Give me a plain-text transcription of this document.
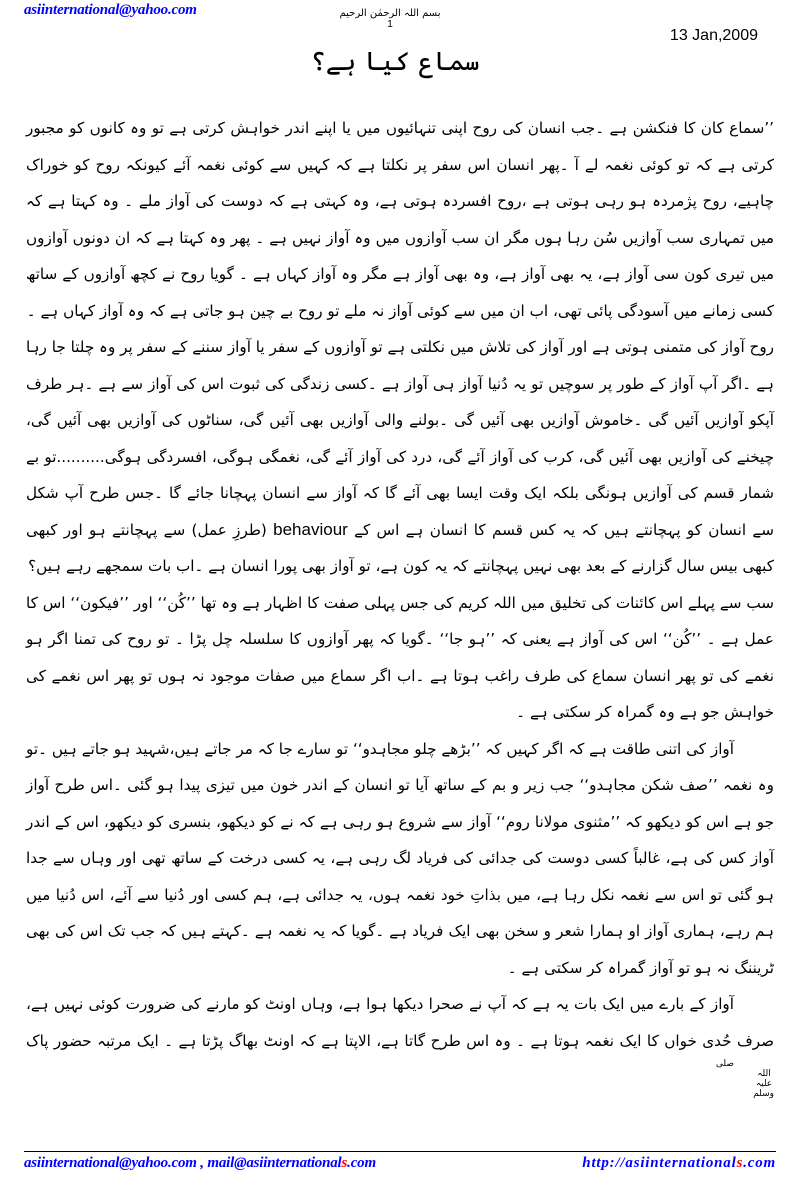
asiinternational@yahoo.com	بسم اللہ الرحمٰن الرحیم
1
13 Jan,2009
سماع کیا ہے؟

’’سماع کان کا فنکشن ہے ۔جب انسان کی روح اپنی تنہائیوں میں یا اپنے اندر خواہش کرتی ہے تو وہ کانوں کو مجبور کرتی ہے کہ تو کوئی نغمہ لے آ ۔پھر انسان اس سفر پر نکلتا ہے کہ کہیں سے کوئی نغمہ آئے کیونکہ روح کو خوراک چاہیے، روح پژمردہ ہو رہی ہوتی ہے ،روح افسردہ ہوتی ہے، وہ کہتی ہے کہ دوست کی آواز ملے ۔ وہ کہتا ہے کہ میں تمہاری سب آوازیں سُن رہا ہوں مگر ان سب آوازوں میں وہ آواز نہیں ہے ۔ پھر وہ کہتا ہے کہ ان دونوں آوازوں میں تیری کون سی آواز ہے، یہ بھی آواز ہے، وہ بھی آواز ہے مگر وہ آواز کہاں ہے ۔ گویا روح نے کچھ آوازوں کے ساتھ کسی زمانے میں آسودگی پائی تھی، اب ان میں سے کوئی آواز نہ ملے تو روح بے چین ہو جاتی ہے کہ وہ آواز کہاں ہے ۔

روح آواز کی متمنی ہوتی ہے اور آواز کی تلاش میں نکلتی ہے تو آوازوں کے سفر یا آواز سننے کے سفر پر وہ چلتا جا رہا ہے ۔اگر آپ آواز کے طور پر سوچیں تو یہ دُنیا آواز ہی آواز ہے ۔کسی زندگی کی ثبوت اس کی آواز سے ہے ۔ہر طرف آپکو آوازیں آئیں گی ۔خاموش آوازیں بھی آئیں گی ۔بولنے والی آوازیں بھی آئیں گی، سناٹوں کی آوازیں بھی آئیں گی، چیخنے کی آوازیں بھی آئیں گی، کرب کی آواز آئے گی، درد کی آواز آئے گی، نغمگی ہوگی، افسردگی ہوگی..........تو بے شمار قسم کی آوازیں ہونگی بلکہ ایک وقت ایسا بھی آئے گا کہ آواز سے انسان پہچانا جائے گا ۔جس طرح آپ شکل سے انسان کو پہچانتے ہیں کہ یہ کس قسم کا انسان ہے اس کے behaviour (طرزِ عمل) سے پہچانتے ہو اور کبھی کبھی بیس سال گزارنے کے بعد بھی نہیں پہچانتے کہ یہ کون ہے، تو آواز بھی پورا انسان ہے ۔اب بات سمجھے رہے ہیں؟

سب سے پہلے اس کائنات کی تخلیق میں اللہ کریم کی جس پہلی صفت کا اظہار ہے وہ تھا ’’کُن‘‘ اور ’’فیکون‘‘ اس کا عمل ہے ۔ ’’کُن‘‘ اس کی آواز ہے یعنی کہ ’’ہو جا‘‘ ۔گویا کہ پھر آوازوں کا سلسلہ چل پڑا ۔ تو روح کی تمنا اگر ہو نغمے کی تو پھر انسان سماع کی طرف راغب ہوتا ہے ۔اب اگر سماع میں صفات موجود نہ ہوں تو پھر اس نغمے کی خواہش جو ہے وہ گمراہ کر سکتی ہے ۔

آواز کی اتنی طاقت ہے کہ اگر کہیں کہ ’’بڑھے چلو مجاہدو‘‘ تو سارے جا کہ مر جاتے ہیں،شہید ہو جاتے ہیں ۔تو وہ نغمہ ’’صف شکن مجاہدو‘‘ جب زیر و بم کے ساتھ آیا تو انسان کے اندر خون میں تیزی پیدا ہو گئی ۔اس طرح آواز جو ہے اس کو دیکھو کہ ’’مثنوی مولانا روم‘‘ آواز سے شروع ہو رہی ہے کہ نے کو دیکھو، بنسری کو دیکھو، اس کے اندر آواز کس کی ہے، غالباً کسی دوست کی جدائی کی فریاد لگ رہی ہے، یہ کسی درخت کے ساتھ تھی اور وہاں سے جدا ہو گئی تو اس سے نغمہ نکل رہا ہے، میں بذاتِ خود نغمہ ہوں، یہ جدائی ہے، ہم کسی اور دُنیا سے آئے، اس دُنیا میں ہم رہے، ہماری آواز او ہمارا شعر و سخن بھی ایک فریاد ہے ۔گویا کہ یہ نغمہ ہے ۔کہتے ہیں کہ جب تک اس کی بھی ٹریننگ نہ ہو تو آواز گمراہ کر سکتی ہے ۔

آواز کے بارے میں ایک بات یہ ہے کہ آپ نے صحرا دیکھا ہوا ہے، وہاں اونٹ کو مارنے کی ضرورت کوئی نہیں ہے، صرف حُدی خواں کا ایک نغمہ ہوتا ہے ۔ وہ اس طرح گاتا ہے، الاپتا ہے کہ اونٹ بھاگ پڑتا ہے ۔ ایک مرتبہ حضور پاک صلی اللہ علیہ وسلم

asiinternational@yahoo.com , mail@asiinternationals.com	http://asiinternationals.com
